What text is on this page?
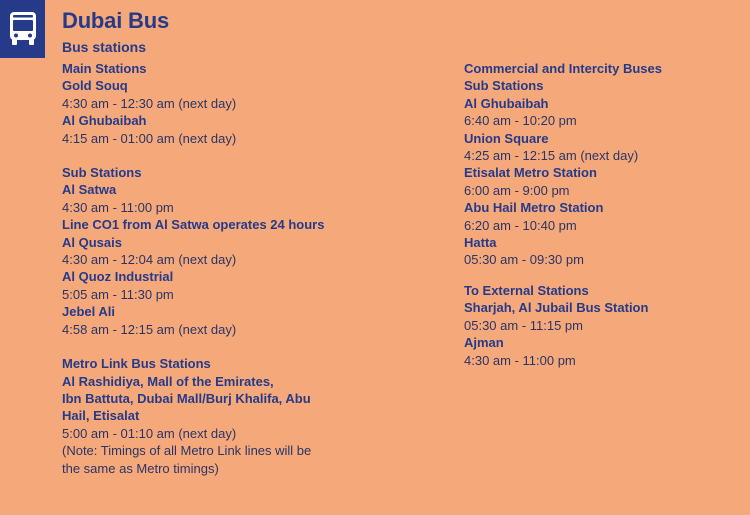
Dubai Bus
Bus stations
Main Stations
Gold Souq
4:30 am - 12:30 am (next day)
Al Ghubaibah
4:15 am - 01:00 am (next day)
Sub Stations
Al Satwa
4:30 am - 11:00 pm
Line CO1 from Al Satwa operates 24 hours
Al Qusais
4:30 am - 12:04 am (next day)
Al Quoz Industrial
5:05 am - 11:30 pm
Jebel Ali
4:58 am - 12:15 am (next day)
Metro Link Bus Stations
Al Rashidiya, Mall of the Emirates,
Ibn Battuta, Dubai Mall/Burj Khalifa, Abu
Hail, Etisalat
5:00 am - 01:10 am (next day)
(Note: Timings of all Metro Link lines will be
the same as Metro timings)
Commercial and Intercity Buses
Sub Stations
Al Ghubaibah
6:40 am - 10:20 pm
Union Square
4:25 am - 12:15 am (next day)
Etisalat Metro Station
6:00 am - 9:00 pm
Abu Hail Metro Station
6:20 am - 10:40 pm
Hatta
05:30 am - 09:30 pm
To External Stations
Sharjah, Al Jubail Bus Station
05:30 am - 11:15 pm
Ajman
4:30 am - 11:00 pm
